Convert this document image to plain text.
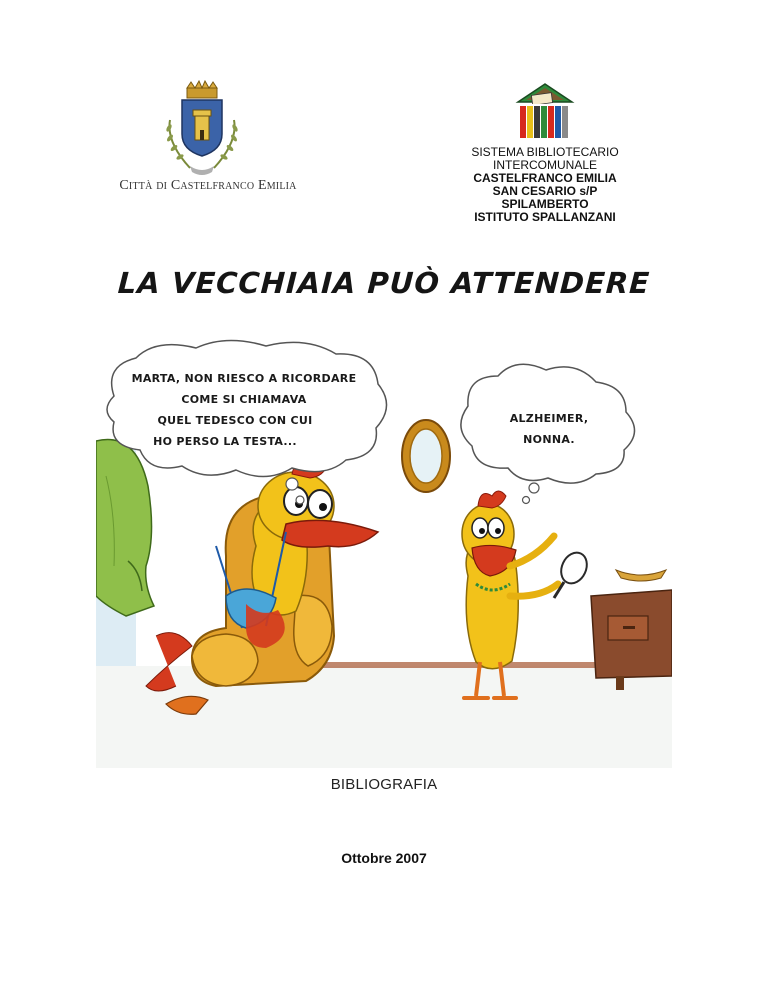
Città di Castelfranco Emilia
SISTEMA BIBLIOTECARIO
INTERCOMUNALE
CASTELFRANCO EMILIA
SAN CESARIO s/P
SPILAMBERTO
ISTITUTO SPALLANZANI
LA VECCHIAIA PUÒ ATTENDERE
MARTA, NON RIESCO A RICORDARE
COME SI CHIAMAVA
QUEL TEDESCO CON CUI
HO PERSO LA TESTA...
ALZHEIMER,
NONNA.
BIBLIOGRAFIA
Ottobre 2007
